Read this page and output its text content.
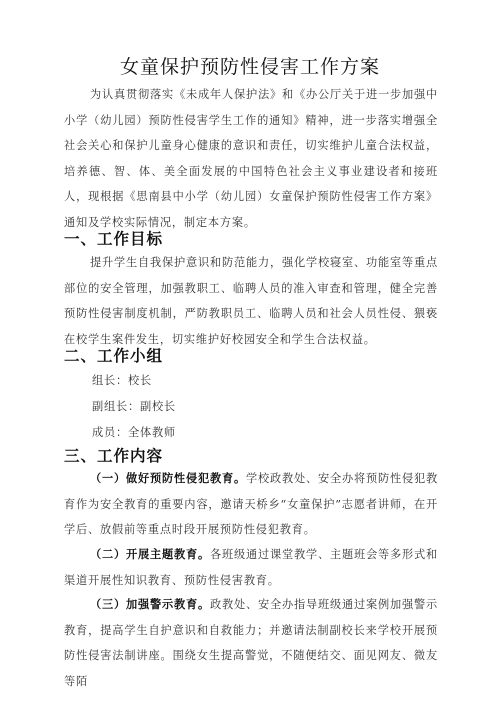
女童保护预防性侵害工作方案
为认真贯彻落实《未成年人保护法》和《办公厅关于进一步加强中小学（幼儿园）预防性侵害学生工作的通知》精神，进一步落实增强全社会关心和保护儿童身心健康的意识和责任，切实维护儿童合法权益，培养德、智、体、美全面发展的中国特色社会主义事业建设者和接班人，现根据《思南县中小学（幼儿园）女童保护预防性侵害工作方案》通知及学校实际情况，制定本方案。
一、工作目标
提升学生自我保护意识和防范能力，强化学校寝室、功能室等重点部位的安全管理，加强教职工、临聘人员的准入审查和管理，健全完善预防性侵害制度机制，严防教职员工、临聘人员和社会人员性侵、猥亵在校学生案件发生，切实维护好校园安全和学生合法权益。
二、工作小组
组长：校长
副组长：副校长
成员：全体教师
三、工作内容
（一）做好预防性侵犯教育。学校政教处、安全办将预防性侵犯教育作为安全教育的重要内容，邀请天桥乡“女童保护”志愿者讲师，在开学后、放假前等重点时段开展预防性侵犯教育。
（二）开展主题教育。各班级通过课堂教学、主题班会等多形式和渠道开展性知识教育、预防性侵害教育。
（三）加强警示教育。政教处、安全办指导班级通过案例加强警示教育，提高学生自护意识和自救能力；并邀请法制副校长来学校开展预防性侵害法制讲座。围绕女生提高警觉，不随便结交、面见网友、微友等陌
